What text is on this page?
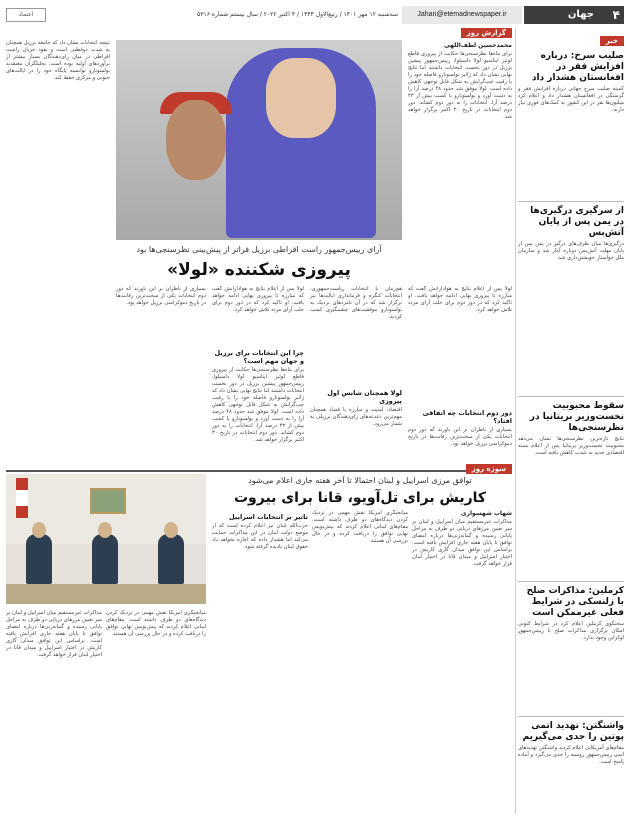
۴
جهان
Jahan@etemadnewspaper.ir
سه‌شنبه ۱۲ مهر ۱۴۰۱ / ربیع‌الاول ۱۴۴۴ / ۴ اکتبر ۲۰۲۲ / سال بیستم شماره ۵۳۱۶
اعتماد
خبر
صلیب سرخ: درباره افزایش فقر در افغانستان هشدار داد
کمیته صلیب سرخ جهانی درباره افزایش فقر و گرسنگی در افغانستان هشدار داد و اعلام کرد میلیون‌ها نفر در این کشور به کمک‌های فوری نیاز دارند.
از سرگیری درگیری‌ها در یمن پس از پایان آتش‌بس
درگیری‌ها میان طرف‌های درگیر در یمن پس از پایان مهلت آتش‌بس دوباره آغاز شد و سازمان ملل خواستار خویشتن‌داری شد.
سقوط محبوبیت نخست‌وزیر بریتانیا در نظرسنجی‌ها
نتایج تازه‌ترین نظرسنجی‌ها نشان می‌دهد محبوبیت نخست‌وزیر بریتانیا پس از اعلام بسته اقتصادی جدید به شدت کاهش یافته است.
کرملین: مذاکرات صلح با زلنسکی در شرایط فعلی غیرممکن است
سخنگوی کرملین اعلام کرد در شرایط کنونی امکان برگزاری مذاکرات صلح با رییس‌جمهور اوکراین وجود ندارد.
واشنگتن: تهدید اتمی پوتین را جدی می‌گیریم
مقام‌های آمریکایی اعلام کردند واشنگتن تهدیدهای اتمی رییس‌جمهور روسیه را جدی می‌گیرد و آماده پاسخ است.
گزارش روز
محمدحسین لطف‌اللهی
برای ماه‌ها نظرسنجی‌ها حکایت از پیروزی قاطع لوئیز ایناسیو لولا داسیلوا، رییس‌جمهور پیشین برزیل در دور نخست انتخابات داشتند اما نتایج نهایی نشان داد که ژائیر بولسونارو فاصله خود را با رقیب چپ‌گرایش به شکل قابل توجهی کاهش داده است. لولا موفق شد حدود ۴۸ درصد آرا را به دست آورد و بولسونارو با کسب بیش از ۴۳ درصد آرا، انتخابات را به دور دوم کشاند. دور دوم انتخابات در تاریخ ۳۰ اکتبر برگزار خواهد شد.
نتیجه انتخابات نشان داد که جامعه برزیل همچنان به شدت دوقطبی است و نفوذ جریان راست افراطی در میان رای‌دهندگان بسیار بیشتر از برآوردهای اولیه بوده است. تحلیلگران معتقدند بولسونارو توانسته پایگاه خود را در ایالت‌های جنوبی و مرکزی حفظ کند.
آرای رییس‌جمهور راست افراطی برزیل فراتر از پیش‌بینی نظرسنجی‌ها بود
پیروزی شکننده «لولا»
لولا پس از اعلام نتایج به هوادارانش گفت که مبارزه تا پیروزی نهایی ادامه خواهد یافت. او تاکید کرد که در دور دوم برای جلب آرای مردد تلاش خواهد کرد.
دور دوم انتخابات چه اتفاقی افتاد؟
بسیاری از ناظران بر این باورند که دور دوم انتخابات یکی از سخت‌ترین رقابت‌ها در تاریخ دموکراسی برزیل خواهد بود.
هم‌زمان با انتخابات ریاست‌جمهوری، انتخابات کنگره و فرمانداری ایالت‌ها نیز برگزار شد که در آن نامزدهای نزدیک به بولسونارو موفقیت‌های چشمگیری کسب کردند.
لولا همچنان شانس اول پیروزی
اقتصاد، امنیت و مبارزه با فساد همچنان مهم‌ترین دغدغه‌های رای‌دهندگان برزیلی به شمار می‌رود.
لولا پس از اعلام نتایج به هوادارانش گفت که مبارزه تا پیروزی نهایی ادامه خواهد یافت. او تاکید کرد که در دور دوم برای جلب آرای مردد تلاش خواهد کرد.
چرا این انتخابات برای برزیل و جهان مهم است؟
برای ماه‌ها نظرسنجی‌ها حکایت از پیروزی قاطع لوئیز ایناسیو لولا داسیلوا، رییس‌جمهور پیشین برزیل در دور نخست انتخابات داشتند اما نتایج نهایی نشان داد که ژائیر بولسونارو فاصله خود را با رقیب چپ‌گرایش به شکل قابل توجهی کاهش داده است. لولا موفق شد حدود ۴۸ درصد آرا را به دست آورد و بولسونارو با کسب بیش از ۴۳ درصد آرا، انتخابات را به دور دوم کشاند. دور دوم انتخابات در تاریخ ۳۰ اکتبر برگزار خواهد شد.
بسیاری از ناظران بر این باورند که دور دوم انتخابات یکی از سخت‌ترین رقابت‌ها در تاریخ دموکراسی برزیل خواهد بود.
سوژه روز
توافق مرزی اسراییل و لبنان احتمالا تا آخر هفته جاری اعلام می‌شود
کاریش برای تل‌آویو، قانا برای بیروت
شهاب شهسواری
مذاکرات غیرمستقیم میان اسراییل و لبنان بر سر تعیین مرزهای دریایی دو طرف به مراحل پایانی رسیده و گمانه‌زنی‌ها درباره امضای توافق تا پایان هفته جاری افزایش یافته است. براساس این توافق میدان گازی کاریش در اختیار اسراییل و میدان قانا در اختیار لبنان قرار خواهد گرفت.
میانجیگری آمریکا نقش مهمی در نزدیک کردن دیدگاه‌های دو طرف داشته است. مقام‌های لبنانی اعلام کردند که پیش‌نویس نهایی توافق را دریافت کرده و در حال بررسی آن هستند.
تاثیر بر انتخابات اسراییل
حزب‌الله لبنان نیز اعلام کرده است که از موضع دولت لبنان در این مذاکرات حمایت می‌کند اما هشدار داده که اجازه نخواهد داد حقوق لبنان نادیده گرفته شود.
مذاکرات غیرمستقیم میان اسراییل و لبنان بر سر تعیین مرزهای دریایی دو طرف به مراحل پایانی رسیده و گمانه‌زنی‌ها درباره امضای توافق تا پایان هفته جاری افزایش یافته است. براساس این توافق میدان گازی کاریش در اختیار اسراییل و میدان قانا در اختیار لبنان قرار خواهد گرفت.
میانجیگری آمریکا نقش مهمی در نزدیک کردن دیدگاه‌های دو طرف داشته است. مقام‌های لبنانی اعلام کردند که پیش‌نویس نهایی توافق را دریافت کرده و در حال بررسی آن هستند.
